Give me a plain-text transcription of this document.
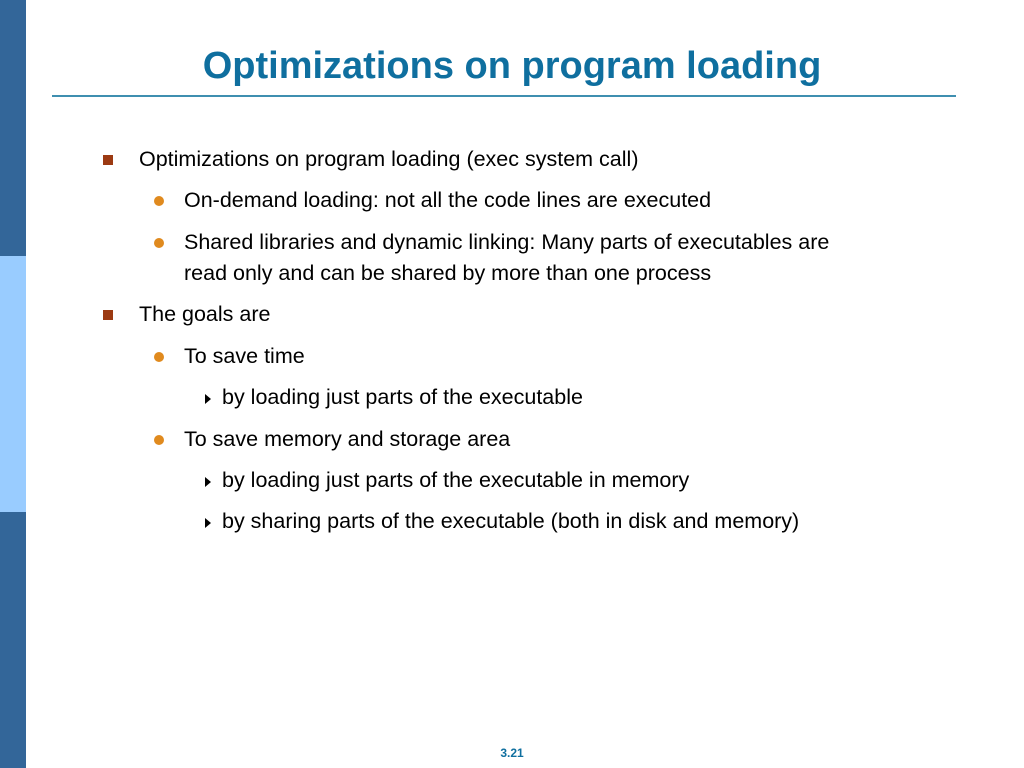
Optimizations on program loading
Optimizations on program loading (exec system call)
On-demand loading: not all the code lines are executed
Shared libraries and dynamic linking: Many parts of executables are
read only and can be shared by more than one process
The goals are
To save time
by loading just parts of the executable
To save memory and storage area
by loading just parts of the executable in memory
by sharing parts of the executable (both in disk and memory)
3.21
